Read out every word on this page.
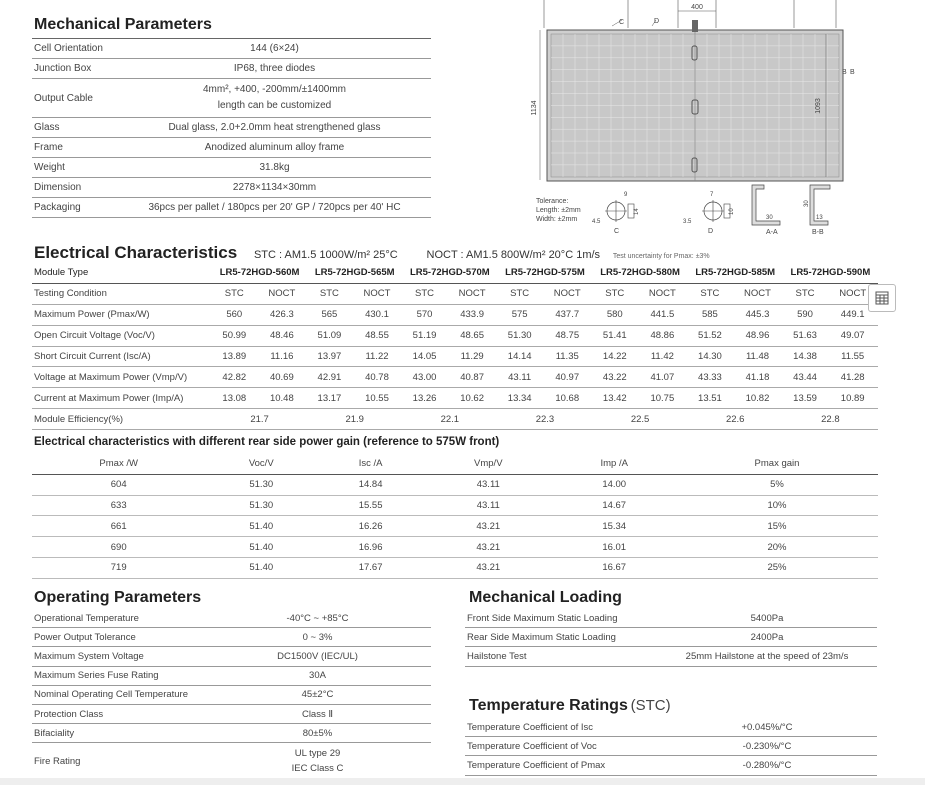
Mechanical Parameters
Cell Orientation	144 (6×24)
Junction Box	IP68, three diodes
Output Cable	4mm², +400, -200mm/±1400mm
length can be customized

Glass	Dual glass, 2.0+2.0mm heat strengthened glass
Frame	Anodized aluminum alloy frame
Weight	31.8kg
Dimension	2278×1134×30mm
Packaging	36pcs per pallet / 180pcs per 20' GP / 720pcs per 40' HC
400
C	D
1134	1093
B B
Tolerance:
Length: ±2mm
Width: ±2mm
9
4.5
14
C
7
3.5
10
D
30
A-A
30
13
B-B
Electrical Characteristics STC : AM1.5 1000W/m² 25°C	NOCT : AM1.5 800W/m² 20°C 1m/s Test uncertainty for Pmax: ±3%
Module Type	LR5-72HGD-560M		LR5-72HGD-565M		LR5-72HGD-570M		LR5-72HGD-575M		LR5-72HGD-580M		LR5-72HGD-585M		LR5-72HGD-590M	
Testing Condition	STC	NOCT	STC	NOCT	STC	NOCT	STC	NOCT	STC	NOCT	STC	NOCT	STC	NOCT
Maximum Power (Pmax/W)	560	426.3	565	430.1	570	433.9	575	437.7	580	441.5	585	445.3	590	449.1
Open Circuit Voltage (Voc/V)	50.99	48.46	51.09	48.55	51.19	48.65	51.30	48.75	51.41	48.86	51.52	48.96	51.63	49.07
Short Circuit Current (Isc/A)	13.89	11.16	13.97	11.22	14.05	11.29	14.14	11.35	14.22	11.42	14.30	11.48	14.38	11.55
Voltage at Maximum Power (Vmp/V)	42.82	40.69	42.91	40.78	43.00	40.87	43.11	40.97	43.22	41.07	43.33	41.18	43.44	41.28
Current at Maximum Power (Imp/A)	13.08	10.48	13.17	10.55	13.26	10.62	13.34	10.68	13.42	10.75	13.51	10.82	13.59	10.89
Module Efficiency(%)	21.7		21.9		22.1		22.3		22.5		22.6		22.8	
Electrical characteristics with different rear side power gain (reference to 575W front)
Pmax /W	Voc/V	Isc /A	Vmp/V	Imp /A	Pmax gain
604	51.30	14.84	43.11	14.00	5%
633	51.30	15.55	43.11	14.67	10%
661	51.40	16.26	43.21	15.34	15%
690	51.40	16.96	43.21	16.01	20%
719	51.40	17.67	43.21	16.67	25%
Operating Parameters
Operational Temperature	-40°C ~ +85°C
Power Output Tolerance	0 ~ 3%
Maximum System Voltage	DC1500V (IEC/UL)
Maximum Series Fuse Rating	30A
Nominal Operating Cell Temperature	45±2°C
Protection Class	Class Ⅱ
Bifaciality	80±5%
Fire Rating	UL type 29
IEC Class C
Mechanical Loading
Front Side Maximum Static Loading	5400Pa
Rear Side Maximum Static Loading	2400Pa
Hailstone Test	25mm Hailstone at the speed of 23m/s
Temperature Ratings (STC)
Temperature Coefficient of Isc	+0.045%/°C
Temperature Coefficient of Voc	-0.230%/°C
Temperature Coefficient of Pmax	-0.280%/°C
